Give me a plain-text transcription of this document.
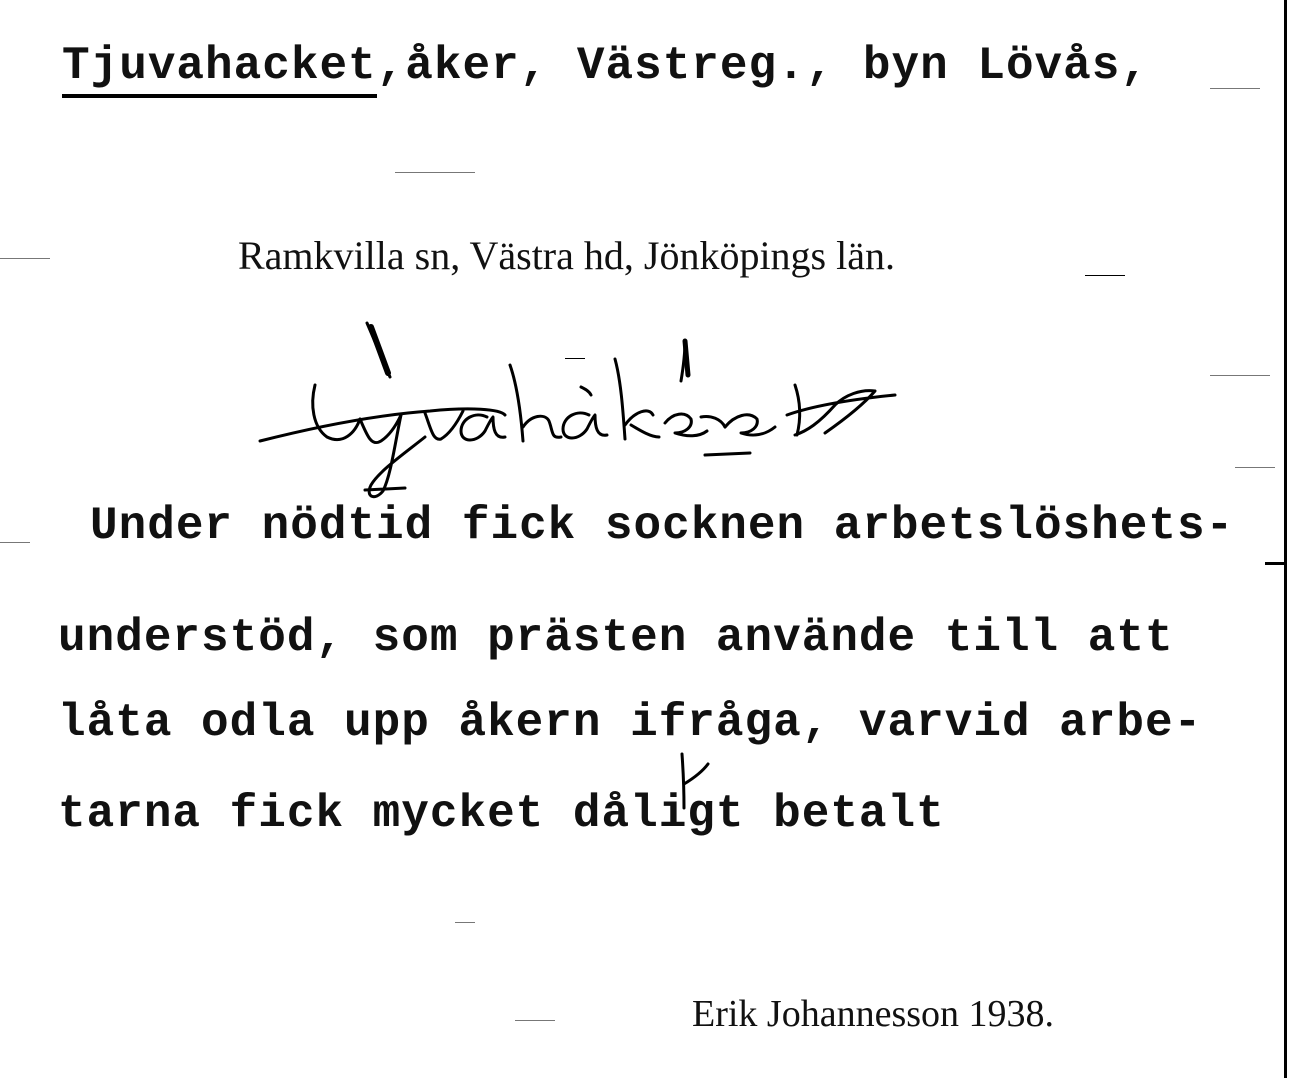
Tjuvahacket,åker, Västreg., byn Lövås,
Ramkvilla sn, Västra hd, Jönköpings län.
Under nödtid fick socknen arbetslöshets-
understöd, som prästen använde till att
låta odla upp åkern ifråga, varvid arbe-
tarna fick mycket dåligt betalt
Erik Johannesson 1938.
